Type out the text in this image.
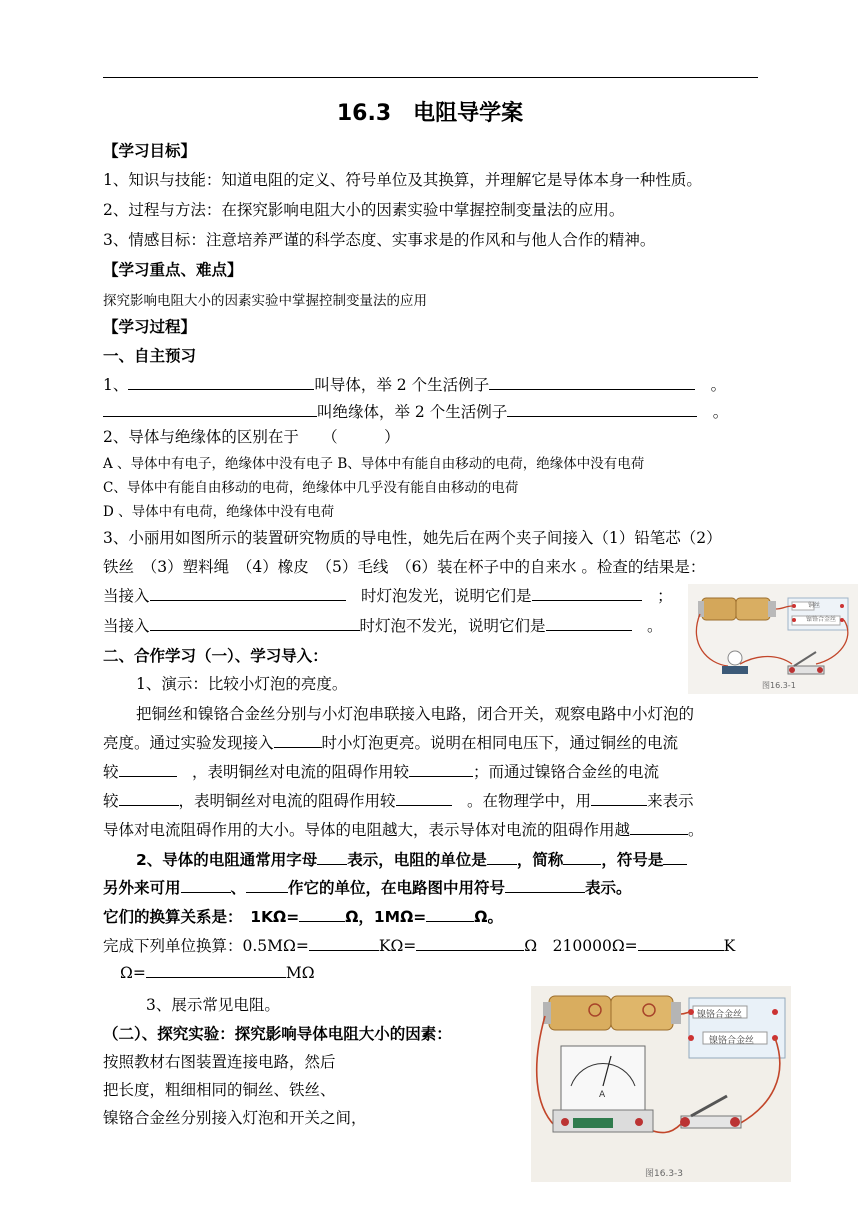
16.3　电阻导学案
【学习目标】
1、知识与技能：知道电阻的定义、符号单位及其换算，并理解它是导体本身一种性质。
2、过程与方法：在探究影响电阻大小的因素实验中掌握控制变量法的应用。
3、情感目标：注意培养严谨的科学态度、实事求是的作风和与他人合作的精神。
【学习重点、难点】
探究影响电阻大小的因素实验中掌握控制变量法的应用
【学习过程】
一、自主预习
1、	叫导体，举 2 个生活例子　	。
叫绝缘体，举 2 个生活例子　	。
2、导体与绝缘体的区别在于　　（　　　）
A 、导体中有电子，绝缘体中没有电子 B、导体中有能自由移动的电荷，绝缘体中没有电荷
C、导体中有能自由移动的电荷，绝缘体中几乎没有能自由移动的电荷
D 、导体中有电荷，绝缘体中没有电荷
3、小丽用如图所示的装置研究物质的导电性，她先后在两个夹子间接入（1）铅笔芯（2）
铁丝　（3）塑料绳　（4）橡皮　（5）毛线　（6）装在杯子中的自来水 。检查的结果是：
当接入　	时灯泡发光，说明它们是　	；
当接入	时灯泡不发光，说明它们是　	。
图16.3-1
铜丝
镍铬合金丝
二、合作学习（一）、学习导入：
1、演示：比较小灯泡的亮度。
把铜丝和镍铬合金丝分别与小灯泡串联接入电路，闭合开关，观察电路中小灯泡的
亮度。通过实验发现接入	时小灯泡更亮。说明在相同电压下，通过铜丝的电流
较　	，表明铜丝对电流的阻碍作用较	；而通过镍铬合金丝的电流
较	，表明铜丝对电流的阻碍作用较　	。在物理学中，用	来表示
导体对电流阻碍作用的大小。导体的电阻越大，表示导体对电流的阻碍作用越	。
2、导体的电阻通常用字母 表示，电阻的单位是 ，简称 ，符号是
另外来可用	、	作它的单位，在电路图中用符号	表示。
它们的换算关系是：　1KΩ=	Ω，1MΩ=	Ω。
完成下列单位换算：0.5MΩ=	KΩ=	Ω　210000Ω=	K
Ω=	MΩ
3、展示常见电阻。
（二）、探究实验：探究影响导体电阻大小的因素：
按照教材右图装置连接电路，然后
把长度，粗细相同的铜丝、铁丝、
镍铬合金丝分别接入灯泡和开关之间，
图16.3-3
镍铬合金丝
镍铬合金丝
A
